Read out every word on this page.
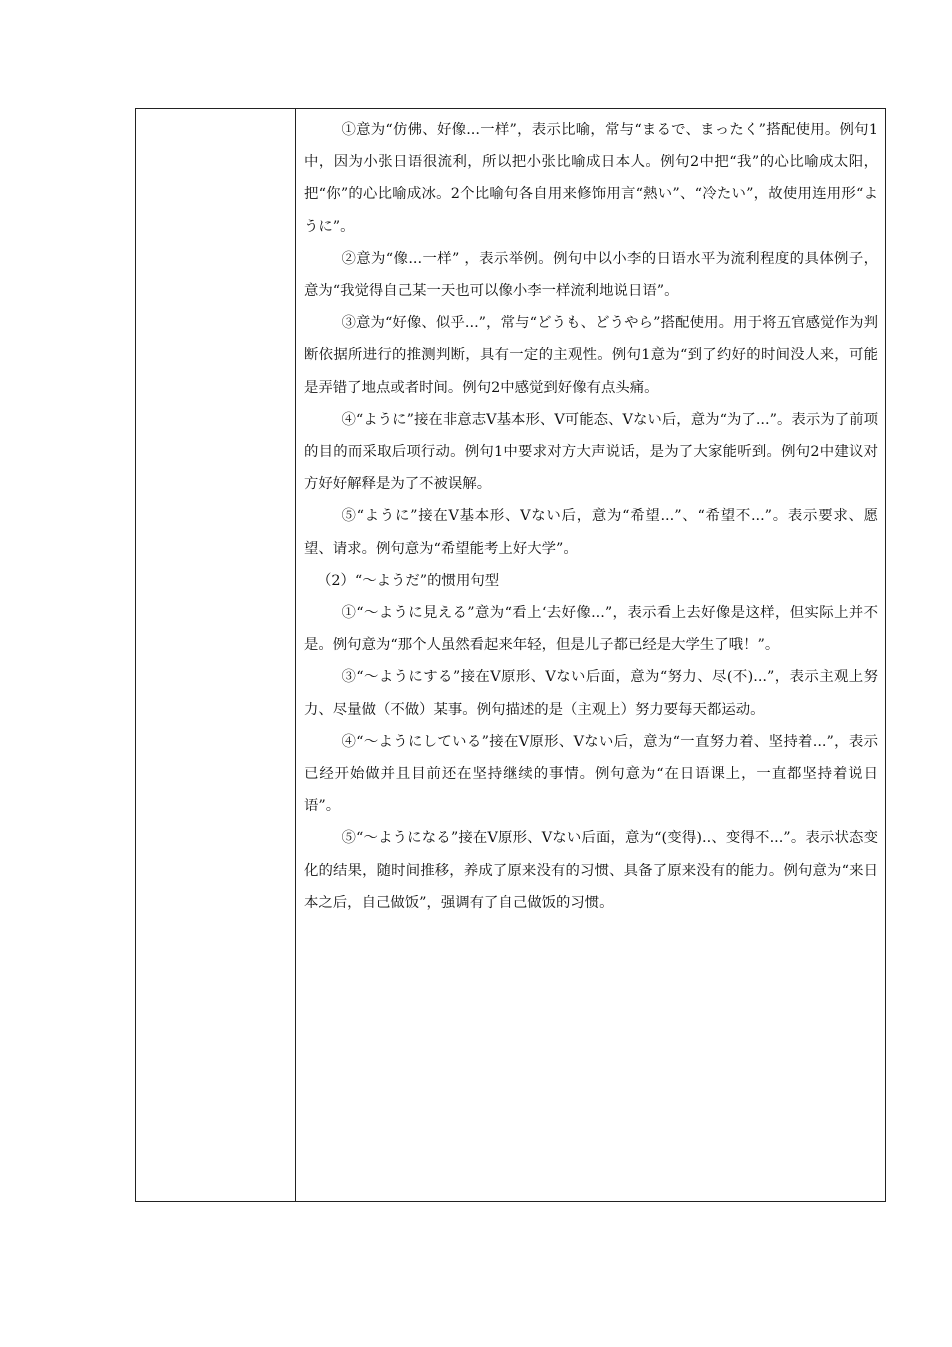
①意为“仿佛、好像...一样”，表示比喻，常与“まるで、まったく”搭配使用。例句1中，因为小张日语很流利，所以把小张比喻成日本人。例句2中把“我”的心比喻成太阳，把“你”的心比喻成冰。2个比喻句各自用来修饰用言“熱い”、“冷たい”，故使用连用形“ように”。

②意为“像...一样” ，表示举例。例句中以小李的日语水平为流利程度的具体例子，意为“我觉得自己某一天也可以像小李一样流利地说日语”。

③意为“好像、似乎...”，常与“どうも、どうやら”搭配使用。用于将五官感觉作为判断依据所进行的推测判断，具有一定的主观性。例句1意为“到了约好的时间没人来，可能是弄错了地点或者时间。例句2中感觉到好像有点头痛。

④“ように”接在非意志V基本形、V可能态、Vない后，意为“为了...”。表示为了前项的目的而采取后项行动。例句1中要求对方大声说话，是为了大家能听到。例句2中建议对方好好解释是为了不被误解。

⑤“ように”接在V基本形、Vない后，意为“希望...”、“希望不...”。表示要求、愿望、请求。例句意为“希望能考上好大学”。

（2）“～ようだ”的惯用句型

①“～ように見える”意为“看上‘去好像...”，表示看上去好像是这样，但实际上并不是。例句意为“那个人虽然看起来年轻，但是儿子都已经是大学生了哦！”。

③“～ようにする”接在V原形、Vない后面，意为“努力、尽(不)...”，表示主观上努力、尽量做（不做）某事。例句描述的是（主观上）努力要每天都运动。

④“～ようにしている”接在V原形、Vない后，意为“一直努力着、坚持着...”，表示已经开始做并且目前还在坚持继续的事情。例句意为“在日语课上，一直都坚持着说日语”。

⑤“～ようになる”接在V原形、Vない后面，意为“(变得)..、变得不...”。表示状态变化的结果，随时间推移，养成了原来没有的习惯、具备了原来没有的能力。例句意为“来日本之后，自己做饭”，强调有了自己做饭的习惯。
